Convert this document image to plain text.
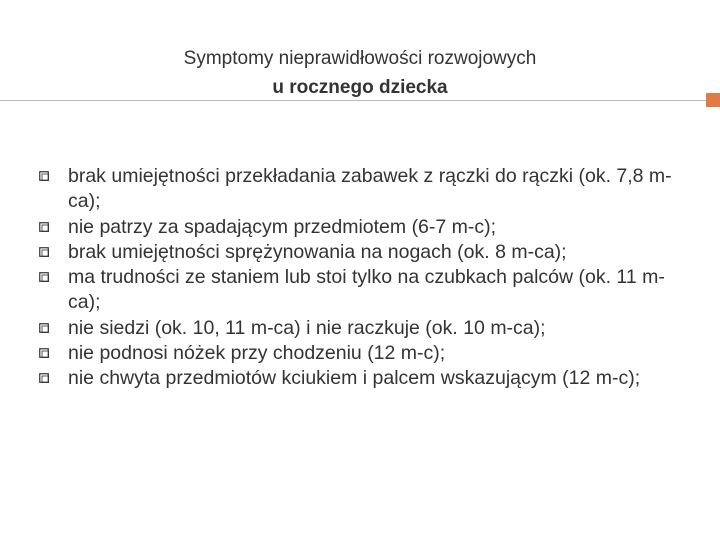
Symptomy nieprawidłowości rozwojowych
u rocznego dziecka
brak umiejętności przekładania zabawek z rączki do rączki (ok. 7,8 m-ca);
nie patrzy za spadającym przedmiotem (6-7 m-c);
brak umiejętności sprężynowania na nogach (ok. 8 m-ca);
ma trudności ze staniem lub stoi tylko na czubkach palców (ok. 11 m-ca);
nie siedzi (ok. 10, 11 m-ca) i nie raczkuje (ok. 10 m-ca);
nie podnosi nóżek przy chodzeniu (12 m-c);
nie chwyta przedmiotów kciukiem i palcem wskazującym (12 m-c);
